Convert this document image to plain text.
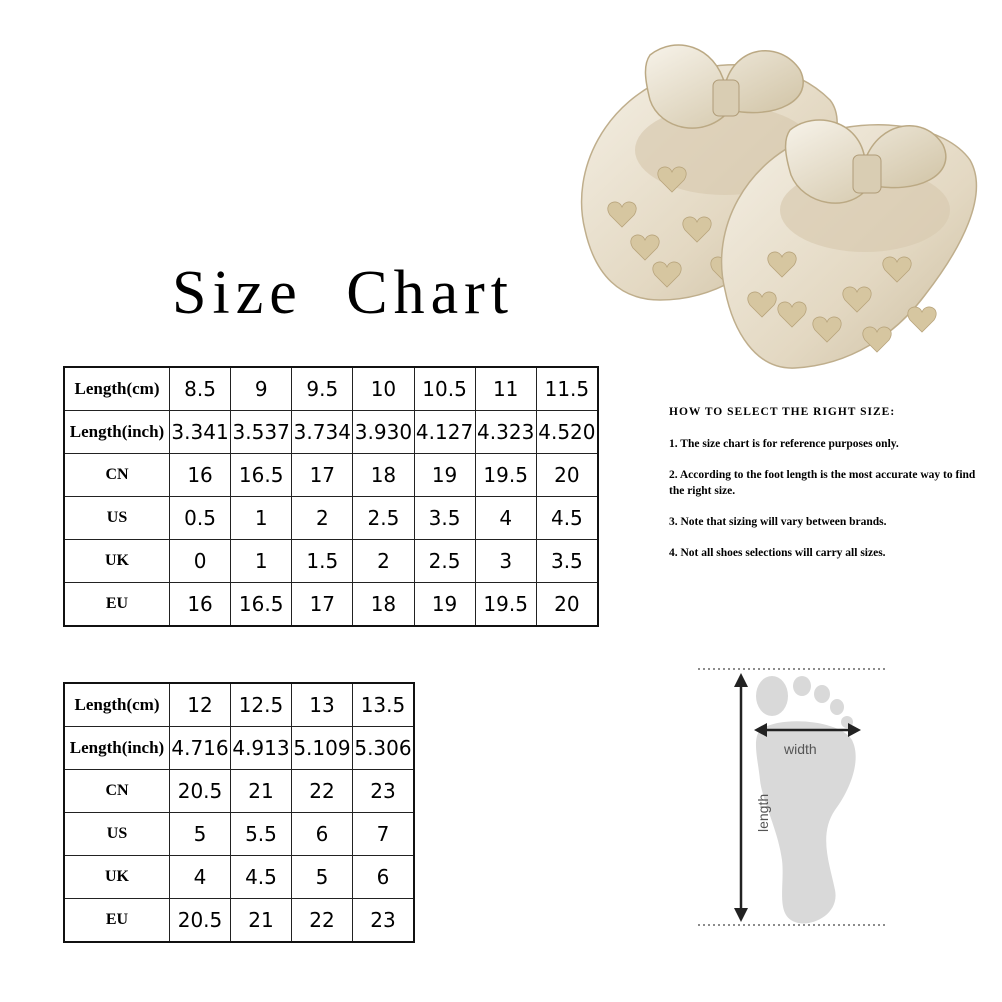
Size Chart
Length(cm)	8.5	9	9.5	10	10.5	11	11.5
Length(inch)	3.341	3.537	3.734	3.930	4.127	4.323	4.520
CN	16	16.5	17	18	19	19.5	20
US	0.5	1	2	2.5	3.5	4	4.5
UK	0	1	1.5	2	2.5	3	3.5
EU	16	16.5	17	18	19	19.5	20
Length(cm)	12	12.5	13	13.5
Length(inch)	4.716	4.913	5.109	5.306
CN	20.5	21	22	23
US	5	5.5	6	7
UK	4	4.5	5	6
EU	20.5	21	22	23
HOW TO SELECT THE RIGHT SIZE:
1. The size chart is for reference purposes only.
2. According to the foot length is the most accurate way to find the right size.
3. Note that sizing will vary between brands.
4. Not all shoes selections will carry all sizes.
width
length
